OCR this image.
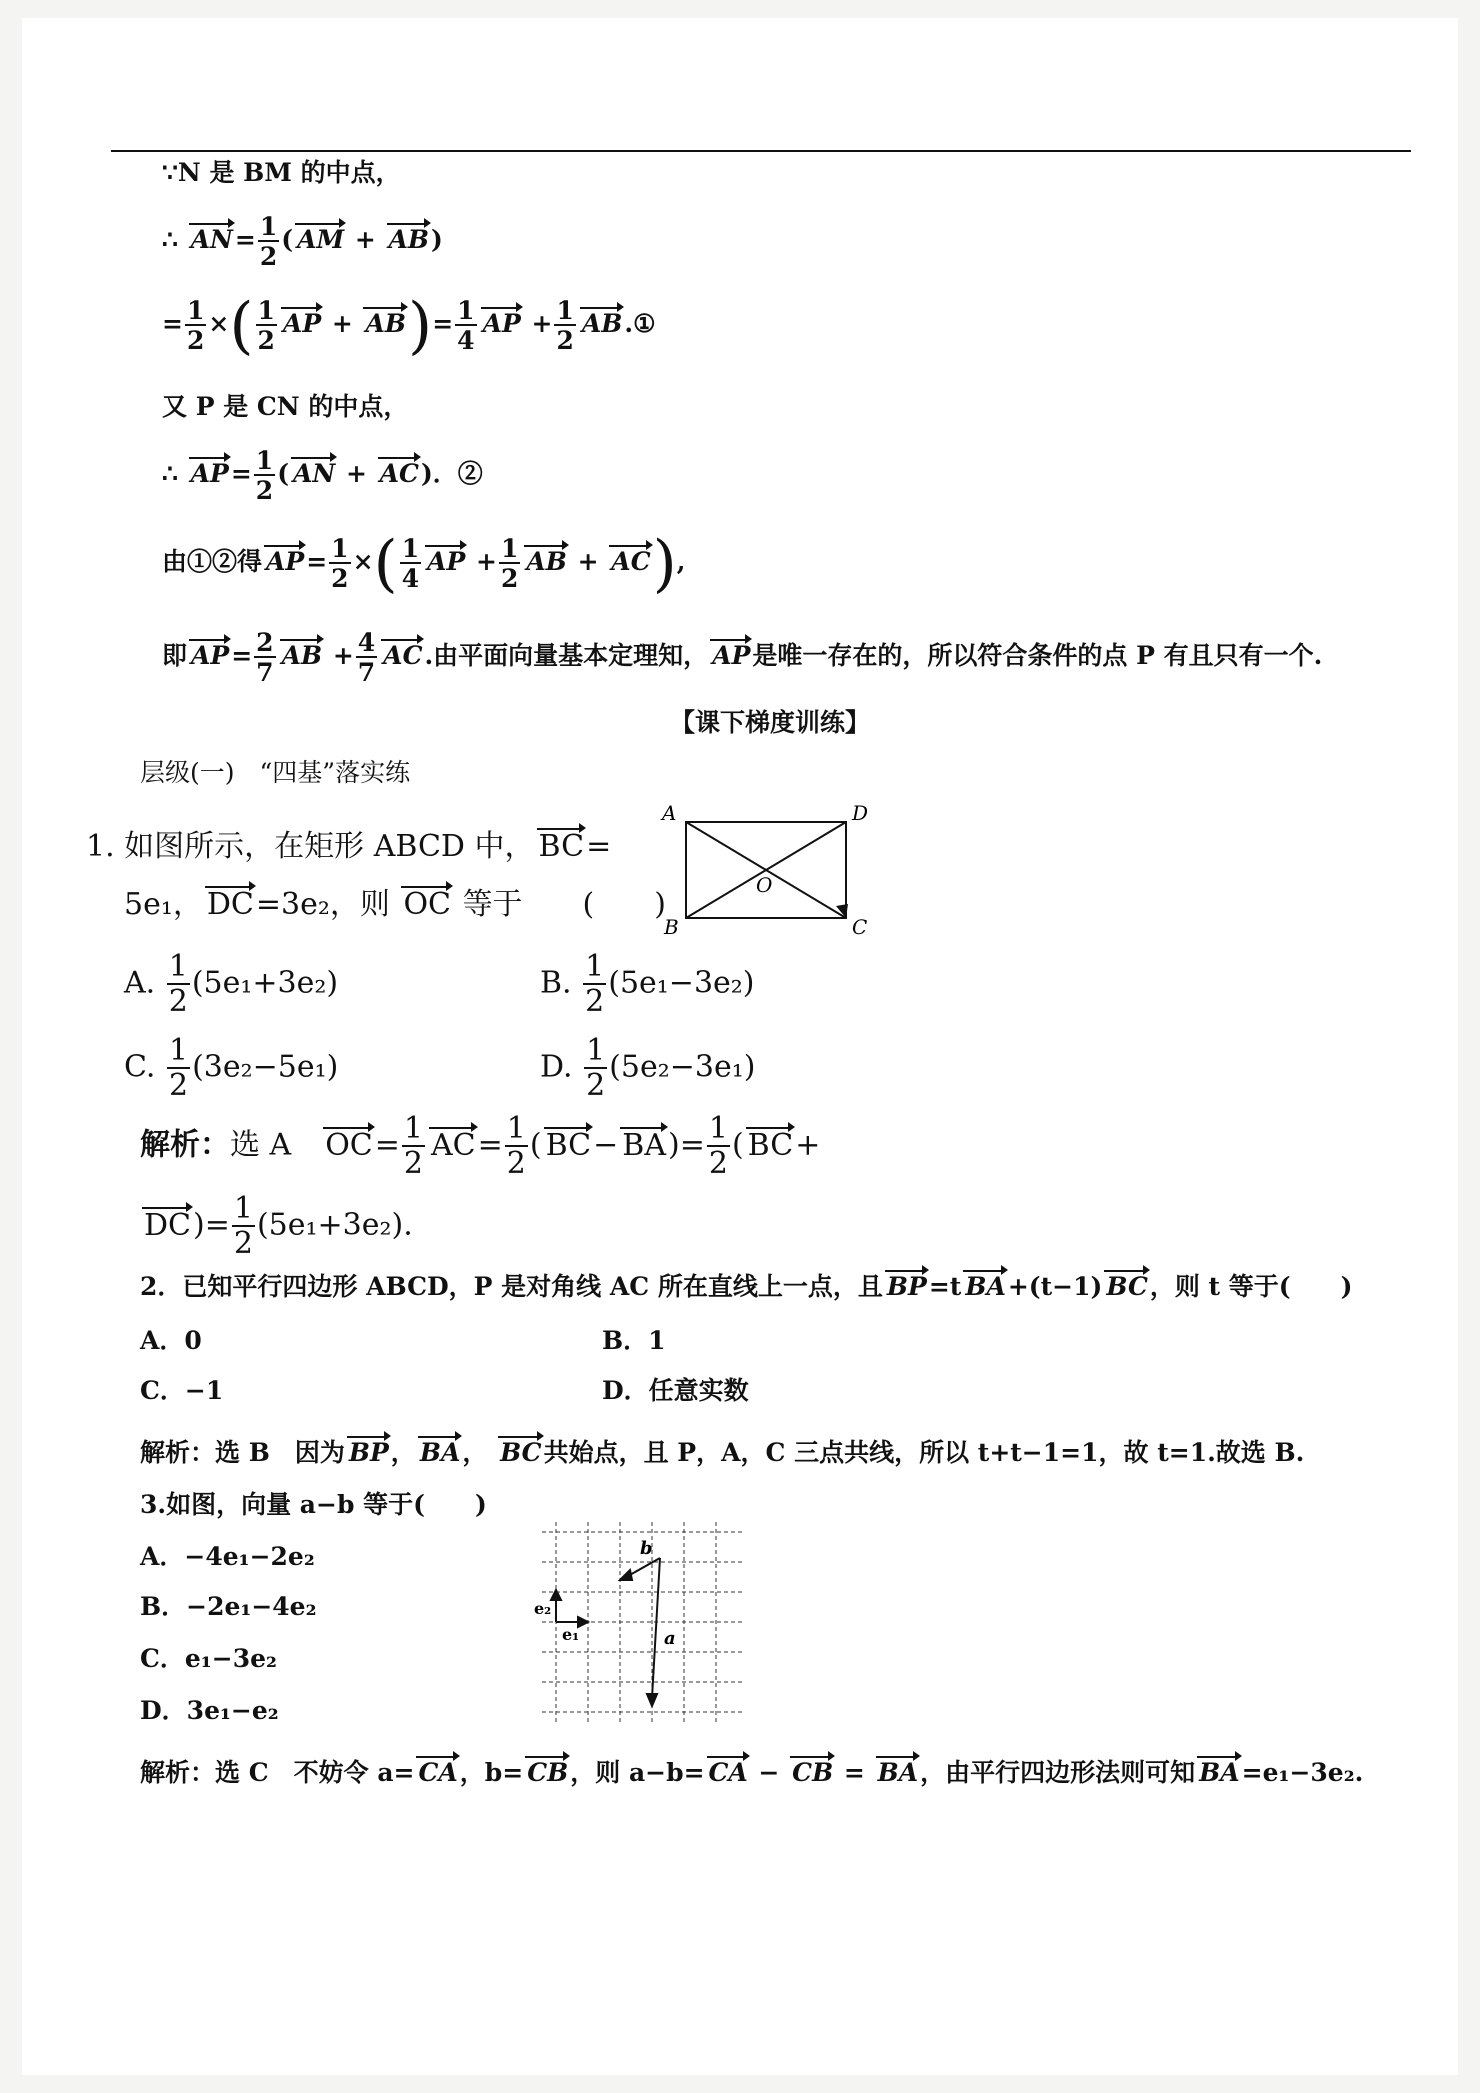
∵N 是 BM 的中点，
∴ $AN= \frac{1}{2}$ ( AM + AB)
= $\frac{1}{2}$ ×( $\frac{1}{2}$ AP + $AB)= \frac{1}{4}$ AP + $\frac{1}{2}$ AB.①
又 P 是 CN 的中点，
∴ $AP= \frac{1}{2}$ ( AN + AC)．②
由①②得 $AP= \frac{1}{2}$ ×( $\frac{1}{4}$ AP + $\frac{1}{2}$ AB + AC),
即 $AP= \frac{2}{7}$ AB + $\frac{4}{7}$ AC.由平面向量基本定理知， AP是唯一存在的，所以符合条件的点 P 有且只有一个.
【课下梯度训练】
层级(一)　“四基”落实练
1. 如图所示，在矩形 ABCD 中， BC=
5e₁， DC=3e₂，则 OC 等于　　(　　)
A. $\frac{1}{2} (5e_1+3e_2)$	B. $\frac{1}{2} (5e_1-3e_2)$
C. $\frac{1}{2} (3e_2-5e_1)$	D. $\frac{1}{2} (5e_2-3e_1)$
解析：选 A　 $OC= \frac{1}{2} AC= \frac{1}{2}$ ( $BC- BA)= \frac{1}{2}$ ( BC+
$DC)= \frac{1}{2} (5e_1+3e_2)$.
A	D
B	C
O
2．已知平行四边形 ABCD，P 是对角线 AC 所在直线上一点，且 BP=t BA+(t−1) BC，则 t 等于(　　)
A．0	B．1
C．−1	D．任意实数
解析：选 B　因为 BP， BA， BC共始点，且 P，A，C 三点共线，所以 t+t−1=1，故 t=1.故选 B.
3.如图，向量 a−b 等于(　　)
A．−4e₁−2e₂
B．−2e₁−4e₂
C．e₁−3e₂
D．3e₁−e₂
b
a
e₁
e₂
解析：选 C　不妨令 a= CA，b= CB，则 a−b= CA − CB = BA，由平行四边形法则可知 BA=e₁−3e₂.
